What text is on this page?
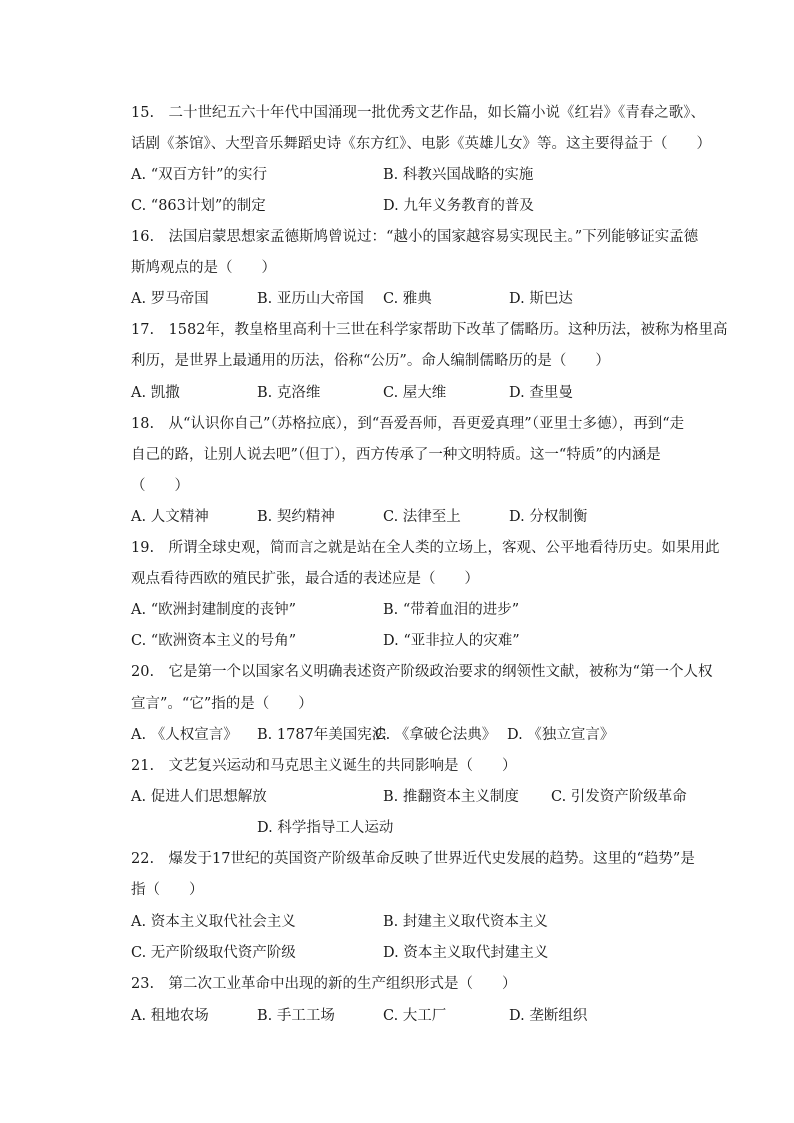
15.　二十世纪五六十年代中国涌现一批优秀文艺作品，如长篇小说《红岩》《青春之歌》、
话剧《茶馆》、大型音乐舞蹈史诗《东方红》、电影《英雄儿女》等。这主要得益于（　　）
A. “双百方针”的实行	B. 科教兴国战略的实施
C. “863计划”的制定	D. 九年义务教育的普及
16.　法国启蒙思想家孟德斯鸠曾说过：“越小的国家越容易实现民主。”下列能够证实孟德
斯鸠观点的是（　　）
A. 罗马帝国	B. 亚历山大帝国 C. 雅典	D. 斯巴达
17.　1582年，教皇格里高利十三世在科学家帮助下改革了儒略历。这种历法，被称为格里高
利历，是世界上最通用的历法，俗称“公历”。命人编制儒略历的是（　　）
A. 凯撒	B. 克洛维	C. 屋大维	D. 查里曼
18.　从“认识你自己”（苏格拉底），到“吾爱吾师，吾更爱真理”（亚里士多德），再到“走
自己的路，让别人说去吧”（但丁），西方传承了一种文明特质。这一“特质”的内涵是
（　　）
A. 人文精神	B. 契约精神	C. 法律至上	D. 分权制衡
19.　所谓全球史观，简而言之就是站在全人类的立场上，客观、公平地看待历史。如果用此
观点看待西欧的殖民扩张，最合适的表述应是（　　）
A. “欧洲封建制度的丧钟”	B. “带着血泪的进步”
C. “欧洲资本主义的号角”	D. “亚非拉人的灾难”
20.　它是第一个以国家名义明确表述资产阶级政治要求的纲领性文献，被称为“第一个人权
宣言”。“它”指的是（　　）
A. 《人权宣言》 B. 1787年美国宪法
C. 《拿破仑法典》 D. 《独立宣言》
21.　文艺复兴运动和马克思主义诞生的共同影响是（　　）
A. 促进人们思想解放	B. 推翻资本主义制度 C. 引发资产阶级革命
D. 科学指导工人运动
22.　爆发于17世纪的英国资产阶级革命反映了世界近代史发展的趋势。这里的“趋势”是
指（　　）
A. 资本主义取代社会主义	B. 封建主义取代资本主义
C. 无产阶级取代资产阶级	D. 资本主义取代封建主义
23.　第二次工业革命中出现的新的生产组织形式是（　　）
A. 租地农场	B. 手工工场	C. 大工厂	D. 垄断组织
